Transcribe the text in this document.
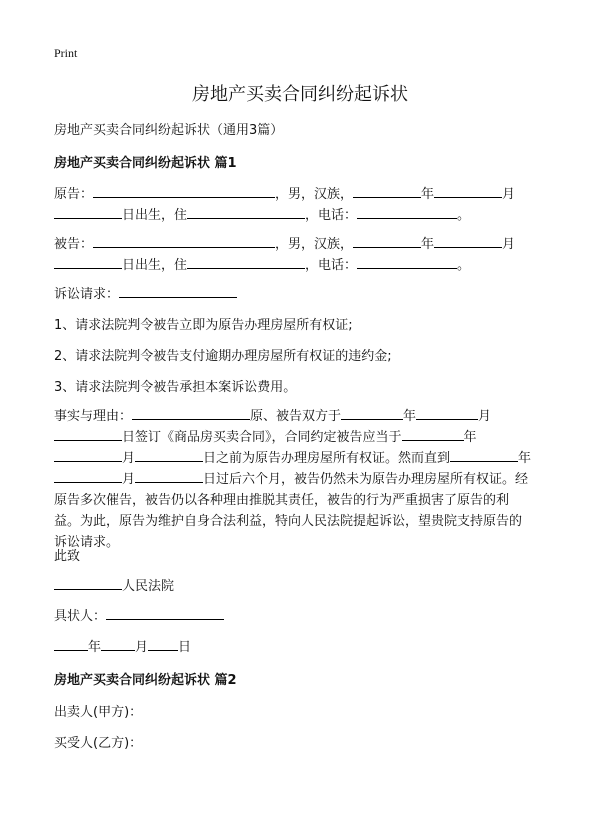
Print
房地产买卖合同纠纷起诉状
房地产买卖合同纠纷起诉状（通用3篇）
房地产买卖合同纠纷起诉状 篇1
原告：	，男，汉族，	年	月
日出生，住	，电话：	。
被告：	，男，汉族，	年	月
日出生，住	，电话：	。
诉讼请求：
1、请求法院判令被告立即为原告办理房屋所有权证;
2、请求法院判令被告支付逾期办理房屋所有权证的违约金;
3、请求法院判令被告承担本案诉讼费用。
事实与理由：	原、被告双方于	年	月
日签订《商品房买卖合同》，合同约定被告应当于	年
月	日之前为原告办理房屋所有权证。然而直到	年
月	日过后六个月，被告仍然未为原告办理房屋所有权证。经
原告多次催告，被告仍以各种理由推脱其责任，被告的行为严重损害了原告的利
益。为此，原告为维护自身合法利益，特向人民法院提起诉讼，望贵院支持原告的
诉讼请求。
此致
人民法院
具状人：
年	月 日
房地产买卖合同纠纷起诉状 篇2
出卖人(甲方)：
买受人(乙方)：
